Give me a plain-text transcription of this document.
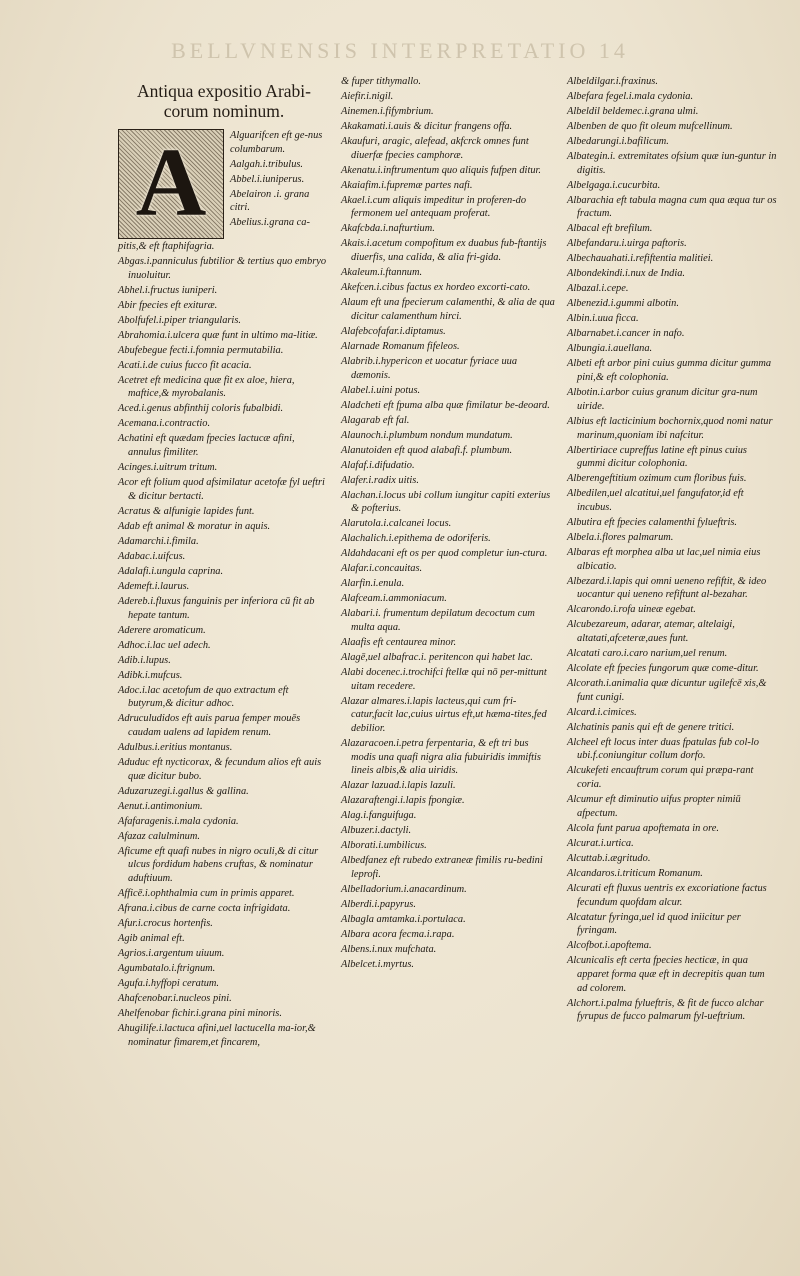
BELLVNENSIS INTERPRETATIO 14
Antiqua expositio Arabi-
corum nominum.
A	Alguarifcen eft ge-nus columbarum.
Aalgah.i.tribulus.
Abbel.i.iuniperus.
Abelairon .i. grana citri.
Abelius.i.grana ca-
pitis,& eft ftaphifagria.
Abgas.i.panniculus fubtilior & tertius quo embryo inuoluitur.
Abhel.i.fructus iuniperi.
Abir fpecies eft exituræ.
Abolfufel.i.piper triangularis.
Abrahomia.i.ulcera quæ funt in ultimo ma-litiæ.
Abufebegue fecti.i.fomnia permutabilia.
Acati.i.de cuius fucco fit acacia.
Acetret eft medicina quæ fit ex aloe, hiera, maftice,& myrobalanis.
Aced.i.genus abfinthij coloris fubalbidi.
Acemana.i.contractio.
Achatini eft quædam fpecies lactucæ afini, annulus fimiliter.
Acinges.i.uitrum tritum.
Acor eft folium quod afsimilatur acetofæ fyl ueftri & dicitur bertacti.
Acratus & alfunigie lapides funt.
Adab eft animal & moratur in aquis.
Adamarchi.i.fimila.
Adabac.i.uifcus.
Adalafi.i.ungula caprina.
Ademeft.i.laurus.
Adereb.i.fluxus fanguinis per inferiora cū fit ab hepate tantum.
Aderere aromaticum.
Adhoc.i.lac uel adech.
Adib.i.lupus.
Adibk.i.mufcus.
Adoc.i.lac acetofum de quo extractum eft butyrum,& dicitur adhoc.
Adruculudidos eft auis parua femper mouēs caudam ualens ad lapidem renum.
Adulbus.i.eritius montanus.
Aduduc eft nycticorax, & fecundum alios eft auis quæ dicitur bubo.
Aduzaruzegi.i.gallus & gallina.
Aenut.i.antimonium.
Afafaragenis.i.mala cydonia.
Afazaz calulminum.
Aficume eft quafi nubes in nigro oculi,& di citur ulcus fordidum habens cruftas, & nominatur aduftiuum.
Afficē.i.ophthalmia cum in primis apparet.
Afrana.i.cibus de carne cocta infrigidata.
Afur.i.crocus hortenfis.
Agib animal eft.
Agrios.i.argentum uiuum.
Agumbatalo.i.ftrignum.
Agufa.i.hyffopi ceratum.
Ahafcenobar.i.nucleos pini.
Ahelfenobar fichir.i.grana pini minoris.
Ahugilife.i.lactuca afini,uel lactucella ma-ior,& nominatur fimarem,et fincarem,
& fuper tithymallo.
Aiefir.i.nigil.
Ainemen.i.fifymbrium.
Akakamati.i.auis & dicitur frangens offa.
Akaufuri, aragic, alefead, akfcrck omnes funt diuerfæ fpecies camphoræ.
Akenatu.i.inftrumentum quo aliquis fufpen ditur.
Akaiafim.i.fupremæ partes nafi.
Akael.i.cum aliquis impeditur in proferen-do fermonem uel antequam proferat.
Akafcbda.i.nafturtium.
Akais.i.acetum compofitum ex duabus fub-ftantijs diuerfis, una calida, & alia fri-gida.
Akaleum.i.ftannum.
Akefcen.i.cibus factus ex hordeo excorti-cato.
Alaum eft una fpecierum calamenthi, & alia de qua dicitur calamenthum hirci.
Alafebcofafar.i.diptamus.
Alarnade Romanum fifeleos.
Alabrib.i.hypericon et uocatur fyriace uua dæmonis.
Alabel.i.uini potus.
Aladcheti eft fpuma alba quæ fimilatur be-deoard.
Alagarab eft fal.
Alaunoch.i.plumbum nondum mundatum.
Alanutoiden eft quod alabafi.f. plumbum.
Alafaf.i.difudatio.
Alafer.i.radix uitis.
Alachan.i.locus ubi collum iungitur capiti exterius & pofterius.
Alarutola.i.calcanei locus.
Alachalich.i.epithema de odoriferis.
Aldahdacani eft os per quod completur iun-ctura.
Alafar.i.concauitas.
Alarfin.i.enula.
Alafceam.i.ammoniacum.
Alabari.i. frumentum depilatum decoctum cum multa aqua.
Alaafis eft centaurea minor.
Alagē,uel albafrac.i. peritencon qui habet lac.
Alabi docenec.i.trochifci ftellæ qui nō per-mittunt uitam recedere.
Alazar almares.i.lapis lacteus,qui cum fri-catur,facit lac,cuius uirtus eft,ut hæma-tites,fed debilior.
Alazaracoen.i.petra ferpentaria, & eft tri bus modis una quafi nigra alia fubuiridis immiftis lineis albis,& alia uiridis.
Alazar lazuad.i.lapis lazuli.
Alazaraftengi.i.lapis fpongiæ.
Alag.i.fanguifuga.
Albuzer.i.dactyli.
Alborati.i.umbilicus.
Albedfanez eft rubedo extraneæ fimilis ru-bedini leprofi.
Albelladorium.i.anacardinum.
Alberdi.i.papyrus.
Albagla amtamka.i.portulaca.
Albara acora fecma.i.rapa.
Albens.i.nux mufchata.
Albelcet.i.myrtus.
Albeldilgar.i.fraxinus.
Albefara fegel.i.mala cydonia.
Albeldil beldemec.i.grana ulmi.
Albenben de quo fit oleum mufcellinum.
Albedarungi.i.bafilicum.
Albategin.i. extremitates ofsium quæ iun-guntur in digitis.
Albelgaga.i.cucurbita.
Albarachia eft tabula magna cum qua æqua tur os fractum.
Albacal eft brefilum.
Albefandaru.i.uirga paftoris.
Albechauahati.i.refiftentia malitiei.
Albondekindi.i.nux de India.
Albazal.i.cepe.
Albenezid.i.gummi albotin.
Albin.i.uua ficca.
Albarnabet.i.cancer in nafo.
Albungia.i.auellana.
Albeti eft arbor pini cuius gumma dicitur gumma pini,& eft colophonia.
Albotin.i.arbor cuius granum dicitur gra-num uiride.
Albius eft lacticinium bochornix,quod nomi natur marinum,quoniam ibi nafcitur.
Albertiriace cupreffus latine eft pinus cuius gummi dicitur colophonia.
Alberengeftitium ozimum cum floribus fuis.
Albedilen,uel alcatitui,uel fangufator,id eft incubus.
Albutira eft fpecies calamenthi fylueftris.
Albela.i.flores palmarum.
Albaras eft morphea alba ut lac,uel nimia eius albicatio.
Albezard.i.lapis qui omni ueneno refiftit, & ideo uocantur qui ueneno refiftunt al-bezahar.
Alcarondo.i.rofa uineæ egebat.
Alcubezareum, adarar, atemar, altelaigi, altatati,afceteræ,aues funt.
Alcatati caro.i.caro narium,uel renum.
Alcolate eft fpecies fungorum quæ come-ditur.
Alcorath.i.animalia quæ dicuntur ugilefcē xis,& funt cunigi.
Alcard.i.cimices.
Alchatinis panis qui eft de genere tritici.
Alcheel eft locus inter duas fpatulas fub col-lo ubi.f.coniungitur collum dorfo.
Alcukefeti encauftrum corum qui præpa-rant coria.
Alcumur eft diminutio uifus propter nimiū afpectum.
Alcola funt parua apoftemata in ore.
Alcurat.i.urtica.
Alcuttab.i.ægritudo.
Alcandaros.i.triticum Romanum.
Alcurati eft fluxus uentris ex excoriatione factus fecundum quofdam alcur.
Alcatatur fyringa,uel id quod iniicitur per fyringam.
Alcofbot.i.apoftema.
Alcunicalis eft certa fpecies hecticæ, in qua apparet forma quæ eft in decrepitis quan tum ad colorem.
Alchort.i.palma fylueftris, & fit de fucco alchar fyrupus de fucco palmarum fyl-ueftrium.
